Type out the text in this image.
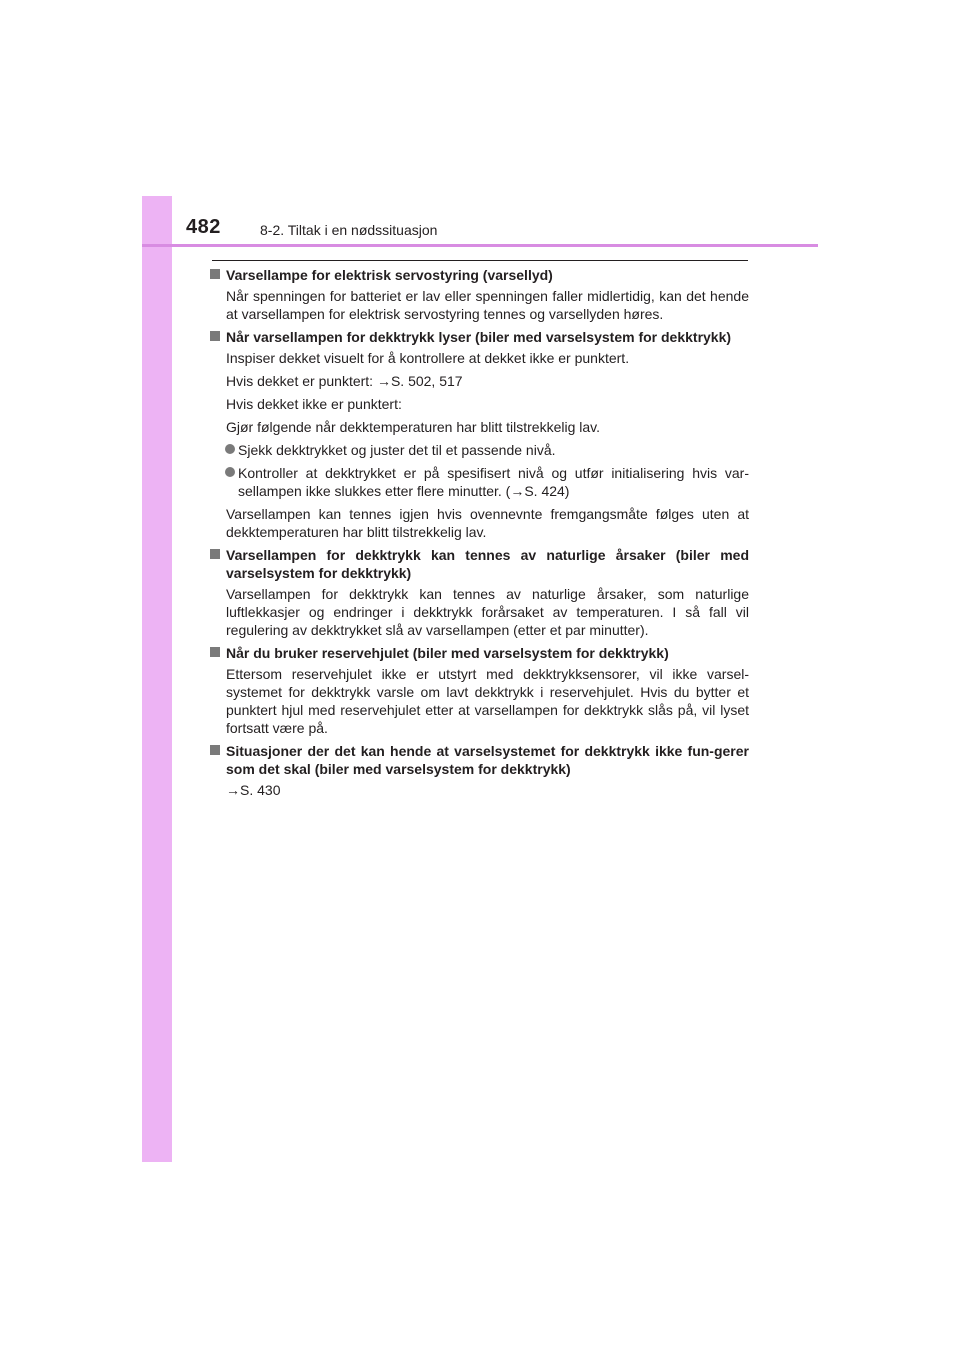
482	8-2. Tiltak i en nødssituasjon
Varsellampe for elektrisk servostyring (varsellyd)
Når spenningen for batteriet er lav eller spenningen faller midlertidig, kan det hende at varsellampen for elektrisk servostyring tennes og varsellyden høres.
Når varsellampen for dekktrykk lyser (biler med varselsystem for dekktrykk)
Inspiser dekket visuelt for å kontrollere at dekket ikke er punktert.
Hvis dekket er punktert: →S. 502, 517
Hvis dekket ikke er punktert:
Gjør følgende når dekktemperaturen har blitt tilstrekkelig lav.
Sjekk dekktrykket og juster det til et passende nivå.
Kontroller at dekktrykket er på spesifisert nivå og utfør initialisering hvis var-sellampen ikke slukkes etter flere minutter. (→S. 424)
Varsellampen kan tennes igjen hvis ovennevnte fremgangsmåte følges uten at dekktemperaturen har blitt tilstrekkelig lav.
Varsellampen for dekktrykk kan tennes av naturlige årsaker (biler med varselsystem for dekktrykk)
Varsellampen for dekktrykk kan tennes av naturlige årsaker, som naturlige luftlekkasjer og endringer i dekktrykk forårsaket av temperaturen. I så fall vil regulering av dekktrykket slå av varsellampen (etter et par minutter).
Når du bruker reservehjulet (biler med varselsystem for dekktrykk)
Ettersom reservehjulet ikke er utstyrt med dekktrykksensorer, vil ikke varsel-systemet for dekktrykk varsle om lavt dekktrykk i reservehjulet. Hvis du bytter et punktert hjul med reservehjulet etter at varsellampen for dekktrykk slås på, vil lyset fortsatt være på.
Situasjoner der det kan hende at varselsystemet for dekktrykk ikke fun-gerer som det skal (biler med varselsystem for dekktrykk)
→S. 430
